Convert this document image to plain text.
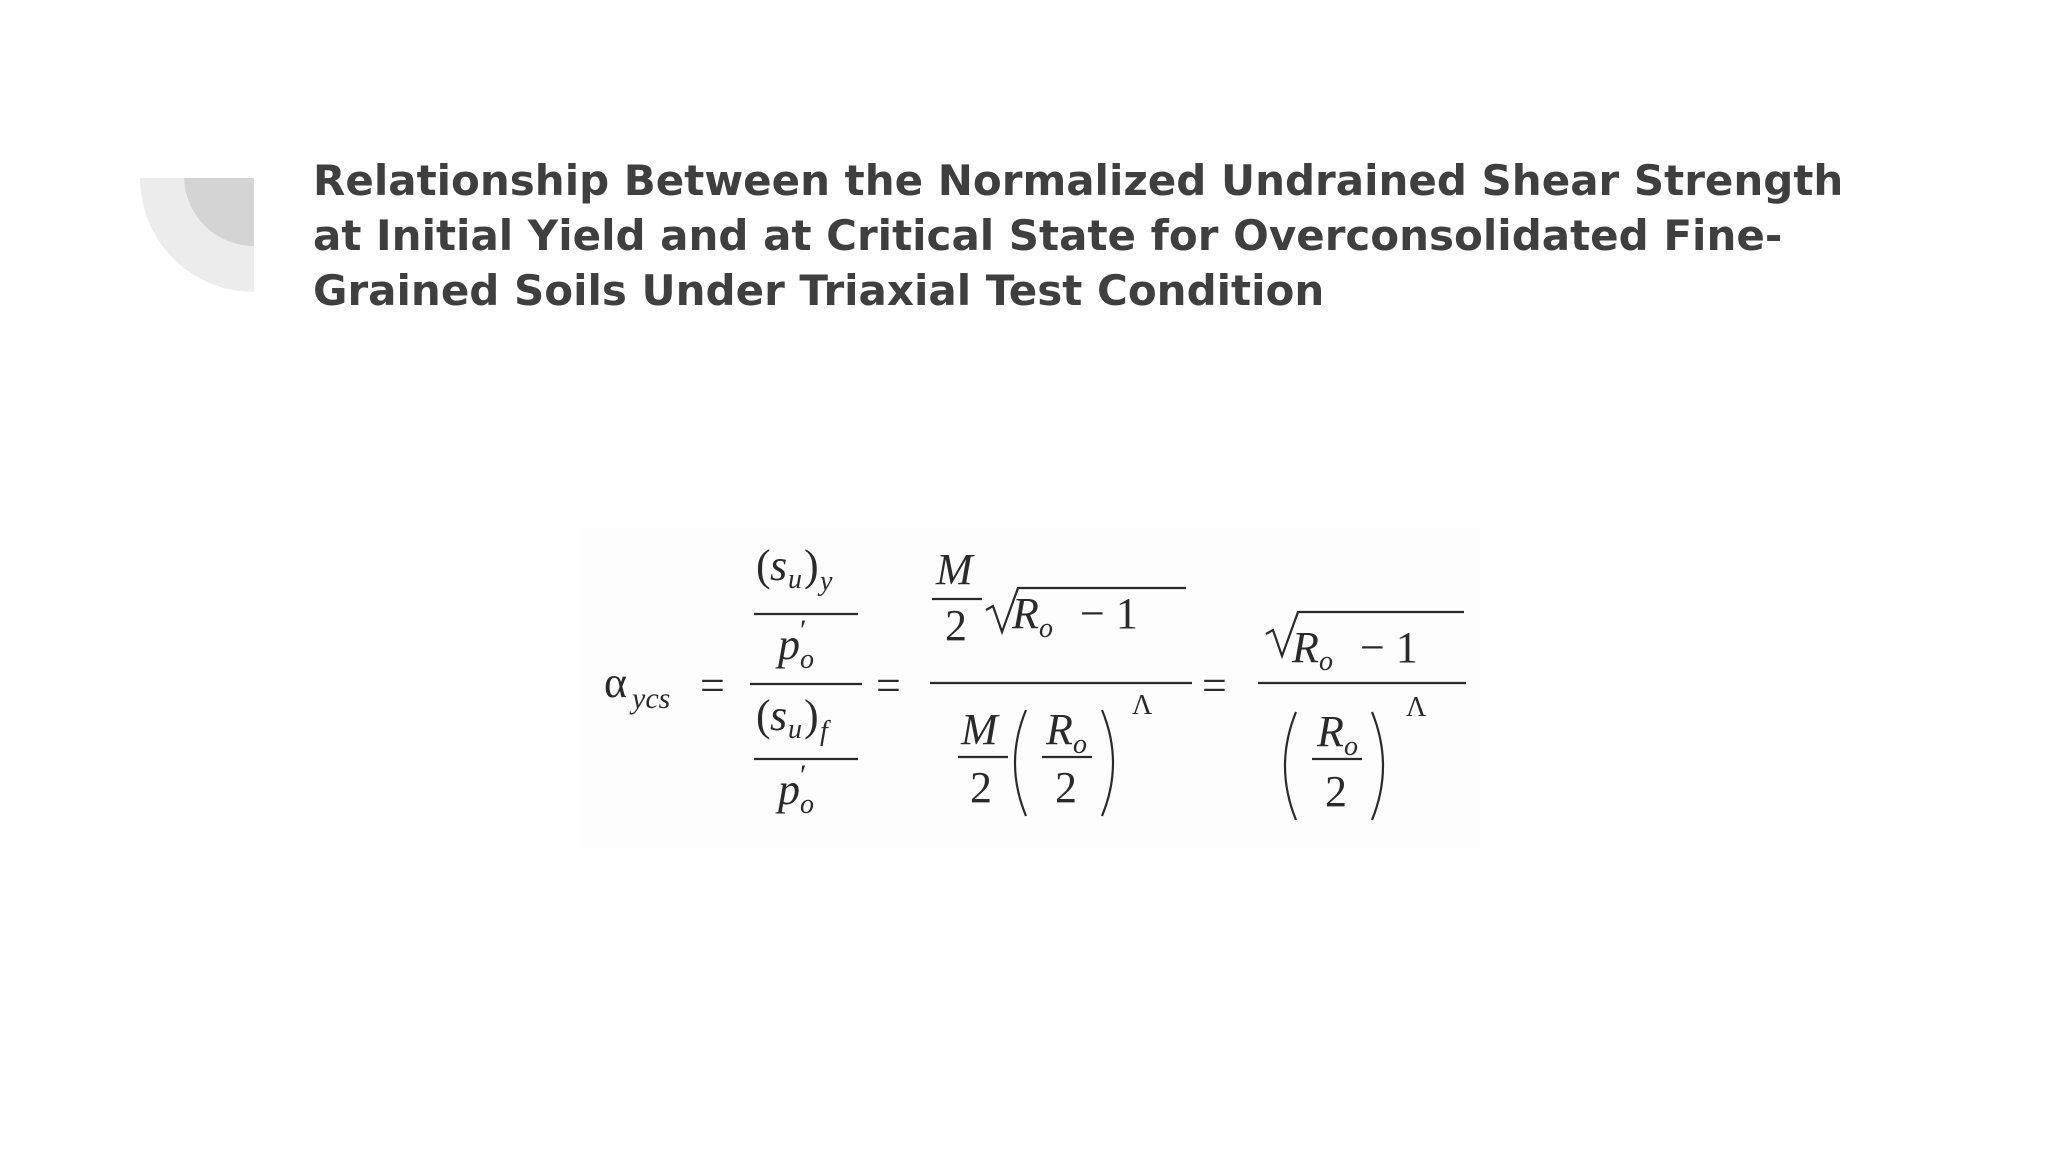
Relationship Between the Normalized Undrained Shear Strength at Initial Yield and at Critical State for Overconsolidated Fine-Grained Soils Under Triaxial Test Condition
α ycs =
( s u ) y
p ′
o
( s u ) f
p ′
o
=
M
2 R o − 1
M
2
R o
2
Λ =
R o − 1
R o
2
Λ
